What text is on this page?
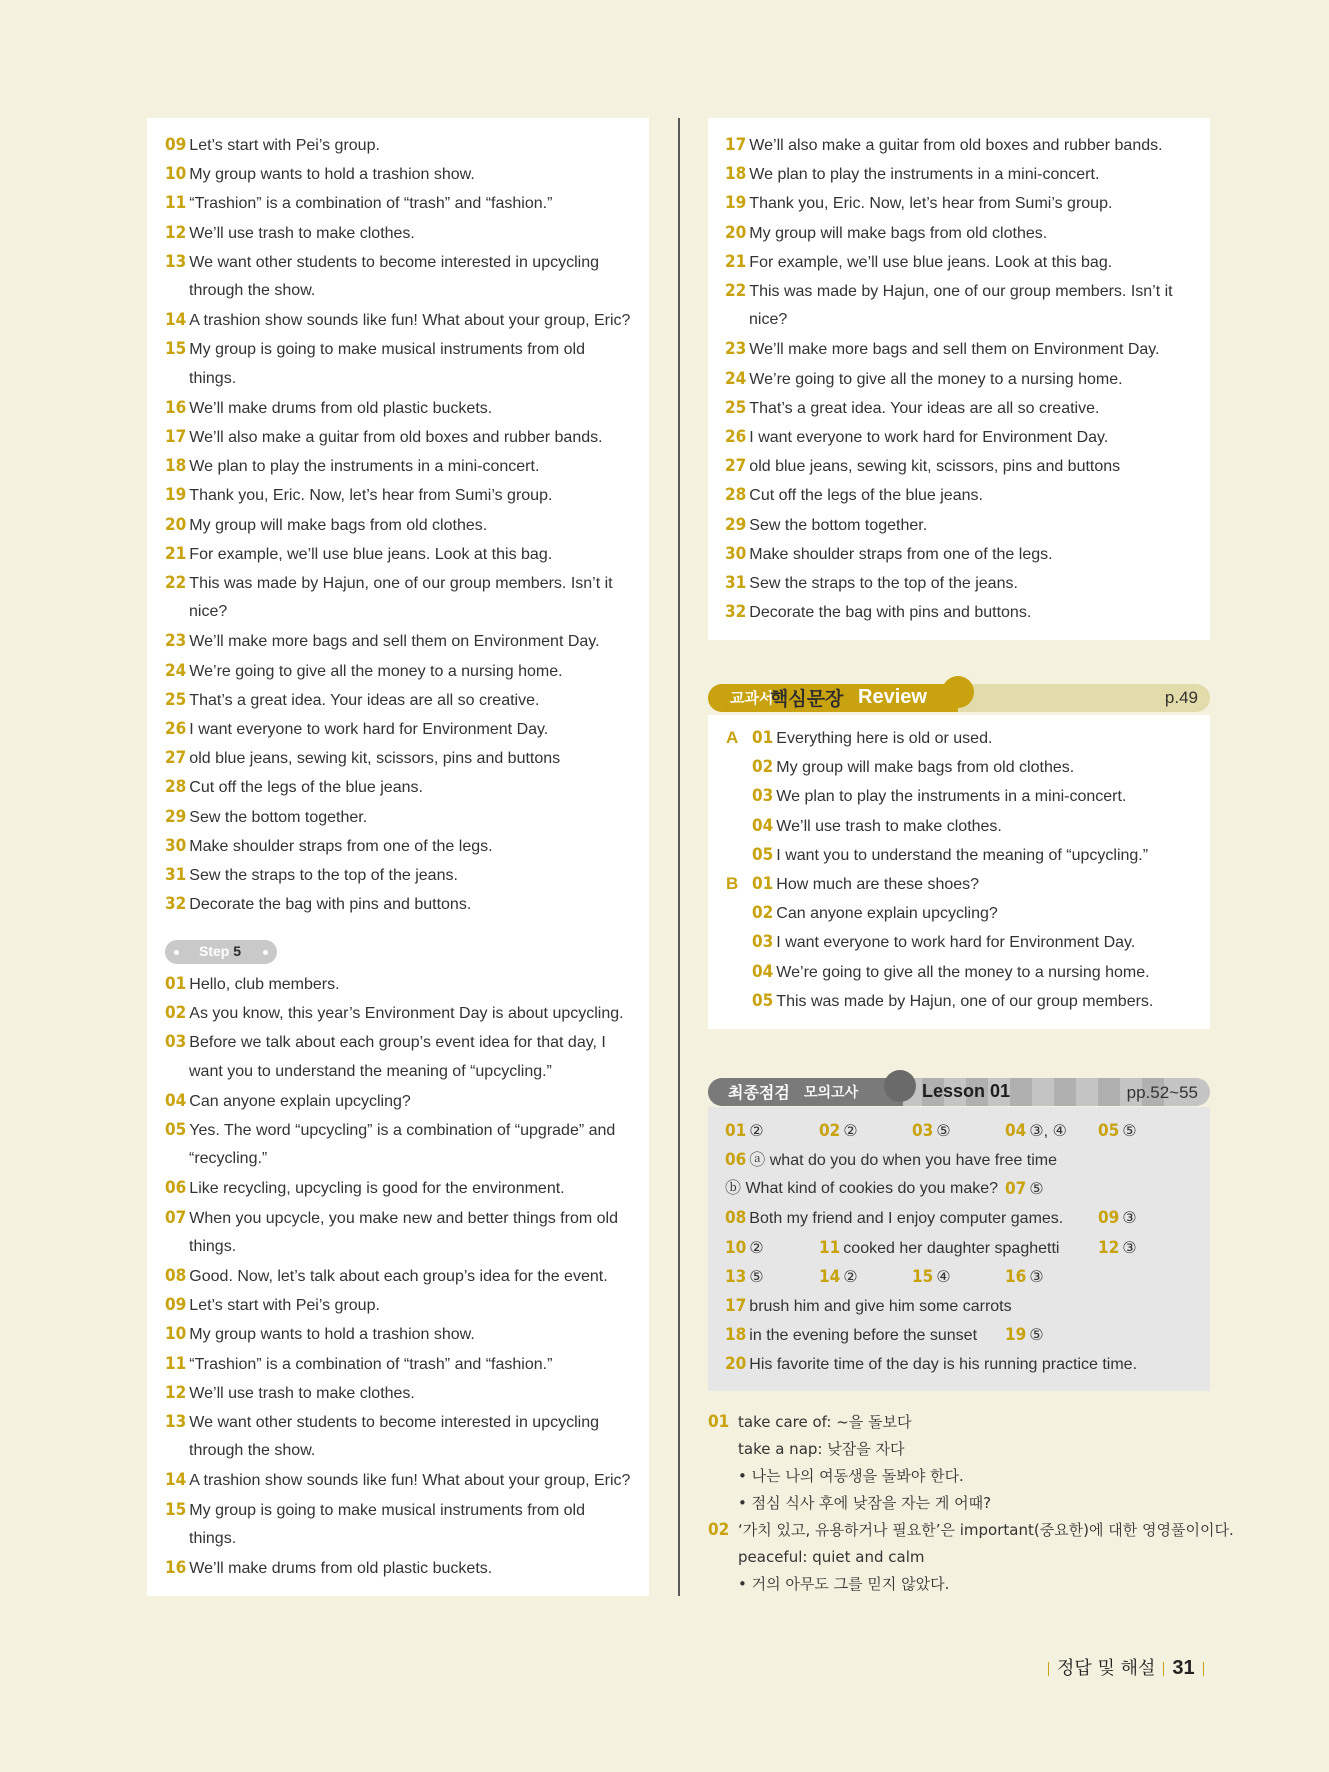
09 Let’s start with Pei’s group.
10 My group wants to hold a trashion show.
11 “Trashion” is a combination of “trash” and “fashion.”
12 We’ll use trash to make clothes.
13 We want other students to become interested in upcycling
through the show.
14 A trashion show sounds like fun! What about your group, Eric?
15 My group is going to make musical instruments from old
things.
16 We’ll make drums from old plastic buckets.
17 We’ll also make a guitar from old boxes and rubber bands.
18 We plan to play the instruments in a mini-concert.
19 Thank you, Eric. Now, let’s hear from Sumi’s group.
20 My group will make bags from old clothes.
21 For example, we’ll use blue jeans. Look at this bag.
22 This was made by Hajun, one of our group members. Isn’t it
nice?
23 We’ll make more bags and sell them on Environment Day.
24 We’re going to give all the money to a nursing home.
25 That’s a great idea. Your ideas are all so creative.
26 I want everyone to work hard for Environment Day.
27 old blue jeans, sewing kit, scissors, pins and buttons
28 Cut off the legs of the blue jeans.
29 Sew the bottom together.
30 Make shoulder straps from one of the legs.
31 Sew the straps to the top of the jeans.
32 Decorate the bag with pins and buttons.
Step 5
01 Hello, club members.
02 As you know, this year’s Environment Day is about upcycling.
03 Before we talk about each group’s event idea for that day, I
want you to understand the meaning of “upcycling.”
04 Can anyone explain upcycling?
05 Yes. The word “upcycling” is a combination of “upgrade” and
“recycling.”
06 Like recycling, upcycling is good for the environment.
07 When you upcycle, you make new and better things from old
things.
08 Good. Now, let’s talk about each group’s idea for the event.
09 Let’s start with Pei’s group.
10 My group wants to hold a trashion show.
11 “Trashion” is a combination of “trash” and “fashion.”
12 We’ll use trash to make clothes.
13 We want other students to become interested in upcycling
through the show.
14 A trashion show sounds like fun! What about your group, Eric?
15 My group is going to make musical instruments from old
things.
16 We’ll make drums from old plastic buckets.
17 We’ll also make a guitar from old boxes and rubber bands.
18 We plan to play the instruments in a mini-concert.
19 Thank you, Eric. Now, let’s hear from Sumi’s group.
20 My group will make bags from old clothes.
21 For example, we’ll use blue jeans. Look at this bag.
22 This was made by Hajun, one of our group members. Isn’t it
nice?
23 We’ll make more bags and sell them on Environment Day.
24 We’re going to give all the money to a nursing home.
25 That’s a great idea. Your ideas are all so creative.
26 I want everyone to work hard for Environment Day.
27 old blue jeans, sewing kit, scissors, pins and buttons
28 Cut off the legs of the blue jeans.
29 Sew the bottom together.
30 Make shoulder straps from one of the legs.
31 Sew the straps to the top of the jeans.
32 Decorate the bag with pins and buttons.
교과서
핵심문장 Review	p.49
A 01 Everything here is old or used.
02 My group will make bags from old clothes.
03 We plan to play the instruments in a mini-concert.
04 We’ll use trash to make clothes.
05 I want you to understand the meaning of “upcycling.”
B 01 How much are these shoes?
02 Can anyone explain upcycling?
03 I want everyone to work hard for Environment Day.
04 We’re going to give all the money to a nursing home.
05 This was made by Hajun, one of our group members.
최종점검 모의고사	Lesson 01	pp.52~55
01 ②	02 ②	03 ⑤	04 ③, ④ 05 ⑤
06 ⓐ what do you do when you have free time
ⓑ What kind of cookies do you make? 07 ⑤
08 Both my friend and I enjoy computer games. 09 ③
10 ②	11 cooked her daughter spaghetti 12 ③
13 ⑤	14 ②	15 ④	16 ③
17 brush him and give him some carrots
18 in the evening before the sunset 19 ⑤
20 His favorite time of the day is his running practice time.
01 take care of: ~을 돌보다
take a nap: 낮잠을 자다
• 나는 나의 여동생을 돌봐야 한다.
• 점심 식사 후에 낮잠을 자는 게 어때?
02 ‘가치 있고, 유용하거나 필요한’은 important(중요한)에 대한 영영풀이이다.
peaceful: quiet and calm
• 거의 아무도 그를 믿지 않았다.
정답 및 해설 31
